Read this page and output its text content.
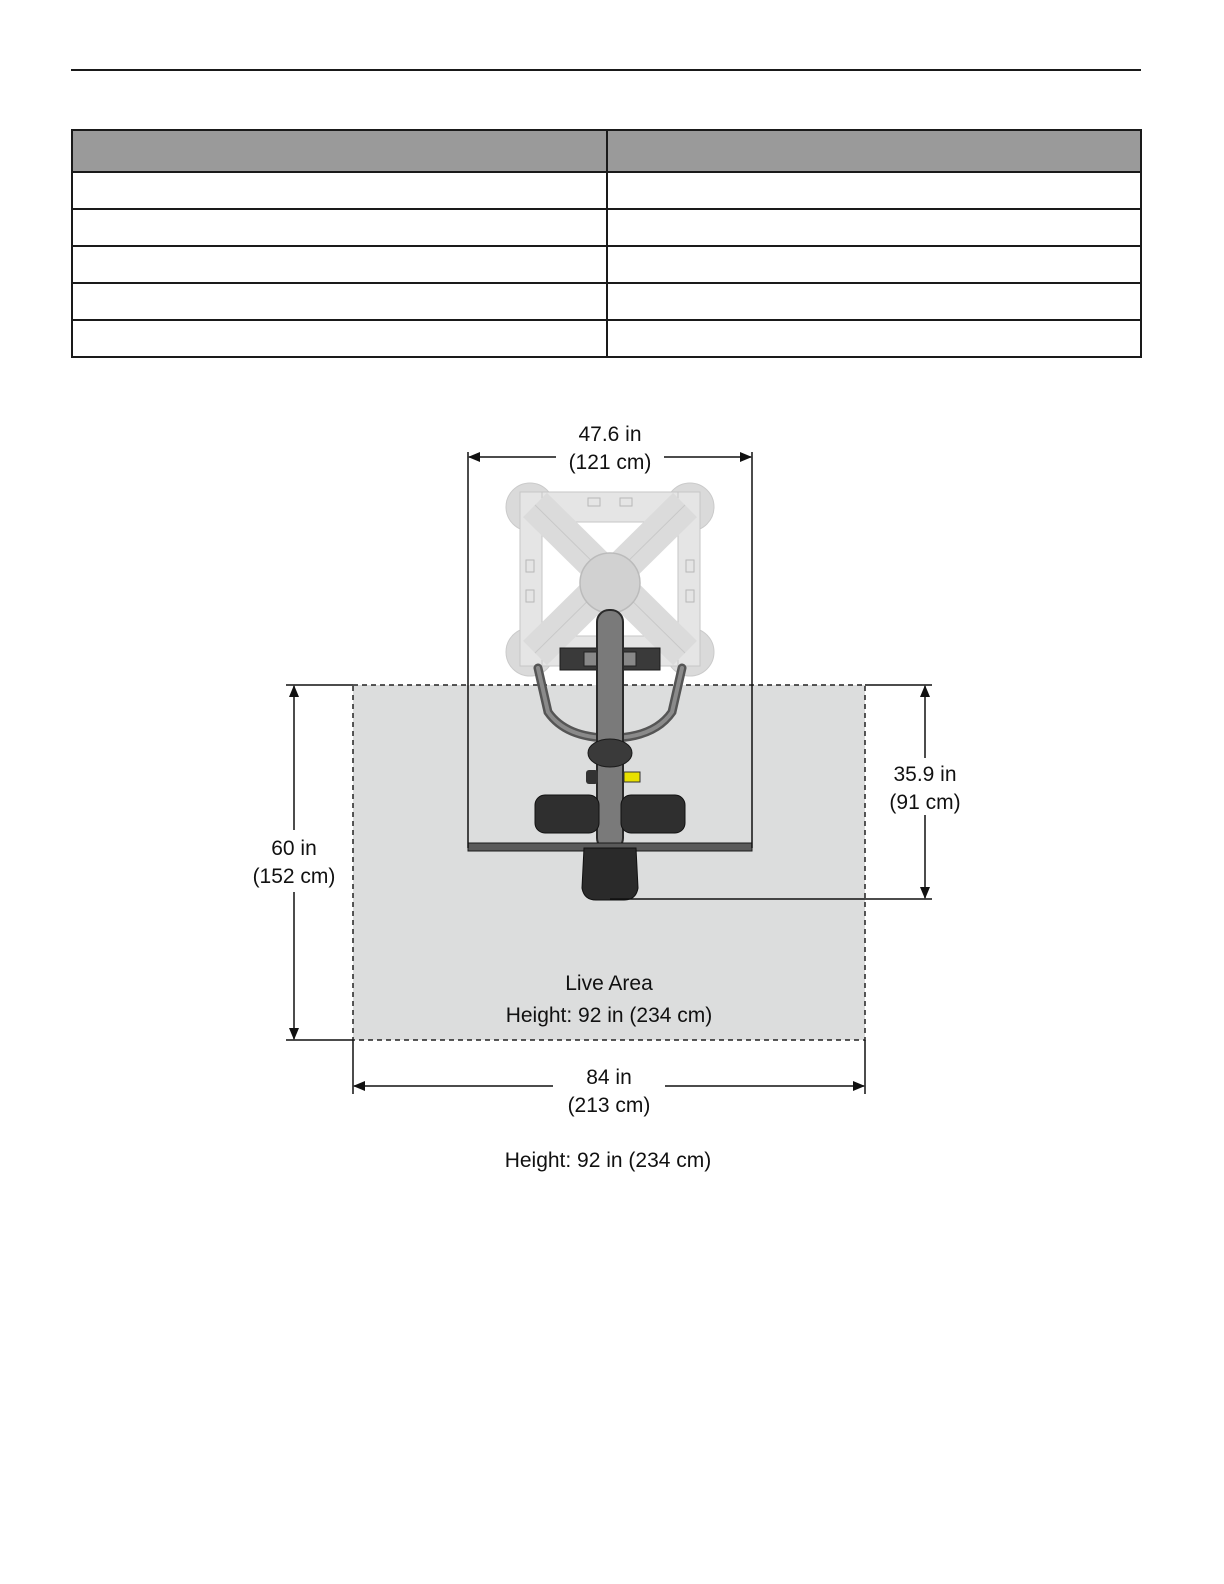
47.6 in
(121 cm)
35.9 in
(91 cm)
60 in
(152 cm)
84 in
(213 cm)
Live Area
Height: 92 in (234 cm)
Height: 92 in (234 cm)
